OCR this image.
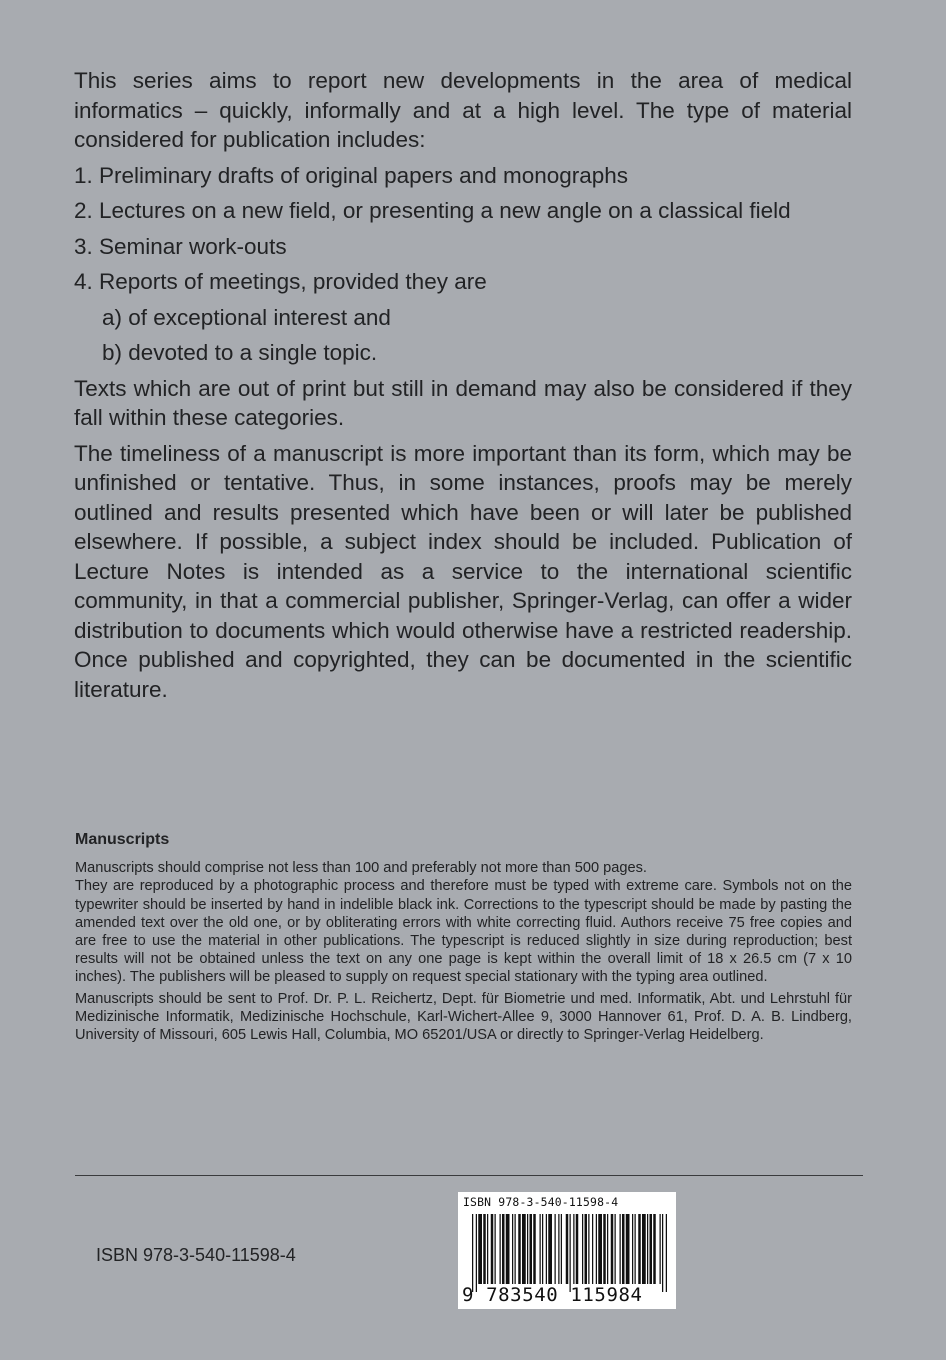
This series aims to report new developments in the area of medical informatics – quickly, informally and at a high level. The type of material considered for publication includes:

1. Preliminary drafts of original papers and monographs
2. Lectures on a new field, or presenting a new angle on a classical field
3. Seminar work-outs
4. Reports of meetings, provided they are
a) of exceptional interest and
b) devoted to a single topic.

Texts which are out of print but still in demand may also be considered if they fall within these categories.

The timeliness of a manuscript is more important than its form, which may be unfinished or tentative. Thus, in some instances, proofs may be merely outlined and results presented which have been or will later be published elsewhere. If possible, a subject index should be included. Publication of Lecture Notes is intended as a service to the international scientific community, in that a commercial publisher, Springer-Verlag, can offer a wider distribution to documents which would otherwise have a restricted readership. Once published and copyrighted, they can be documented in the scientific literature.

Manuscripts

Manuscripts should comprise not less than 100 and preferably not more than 500 pages.

They are reproduced by a photographic process and therefore must be typed with extreme care. Symbols not on the typewriter should be inserted by hand in indelible black ink. Corrections to the typescript should be made by pasting the amended text over the old one, or by obliterating errors with white correcting fluid. Authors receive 75 free copies and are free to use the material in other publications. The typescript is reduced slightly in size during reproduction; best results will not be obtained unless the text on any one page is kept within the overall limit of 18 x 26.5 cm (7 x 10 inches). The publishers will be pleased to supply on request special stationary with the typing area outlined.

Manuscripts should be sent to Prof. Dr. P. L. Reichertz, Dept. für Biometrie und med. Informatik, Abt. und Lehrstuhl für Medizinische Informatik, Medizinische Hochschule, Karl-Wichert-Allee 9, 3000 Hannover 61, Prof. D. A. B. Lindberg, University of Missouri, 605 Lewis Hall, Columbia, MO 65201/USA or directly to Springer-Verlag Heidelberg.

ISBN 978-3-540-11598-4
ISBN 978-3-540-11598-4
9 783540 115984
